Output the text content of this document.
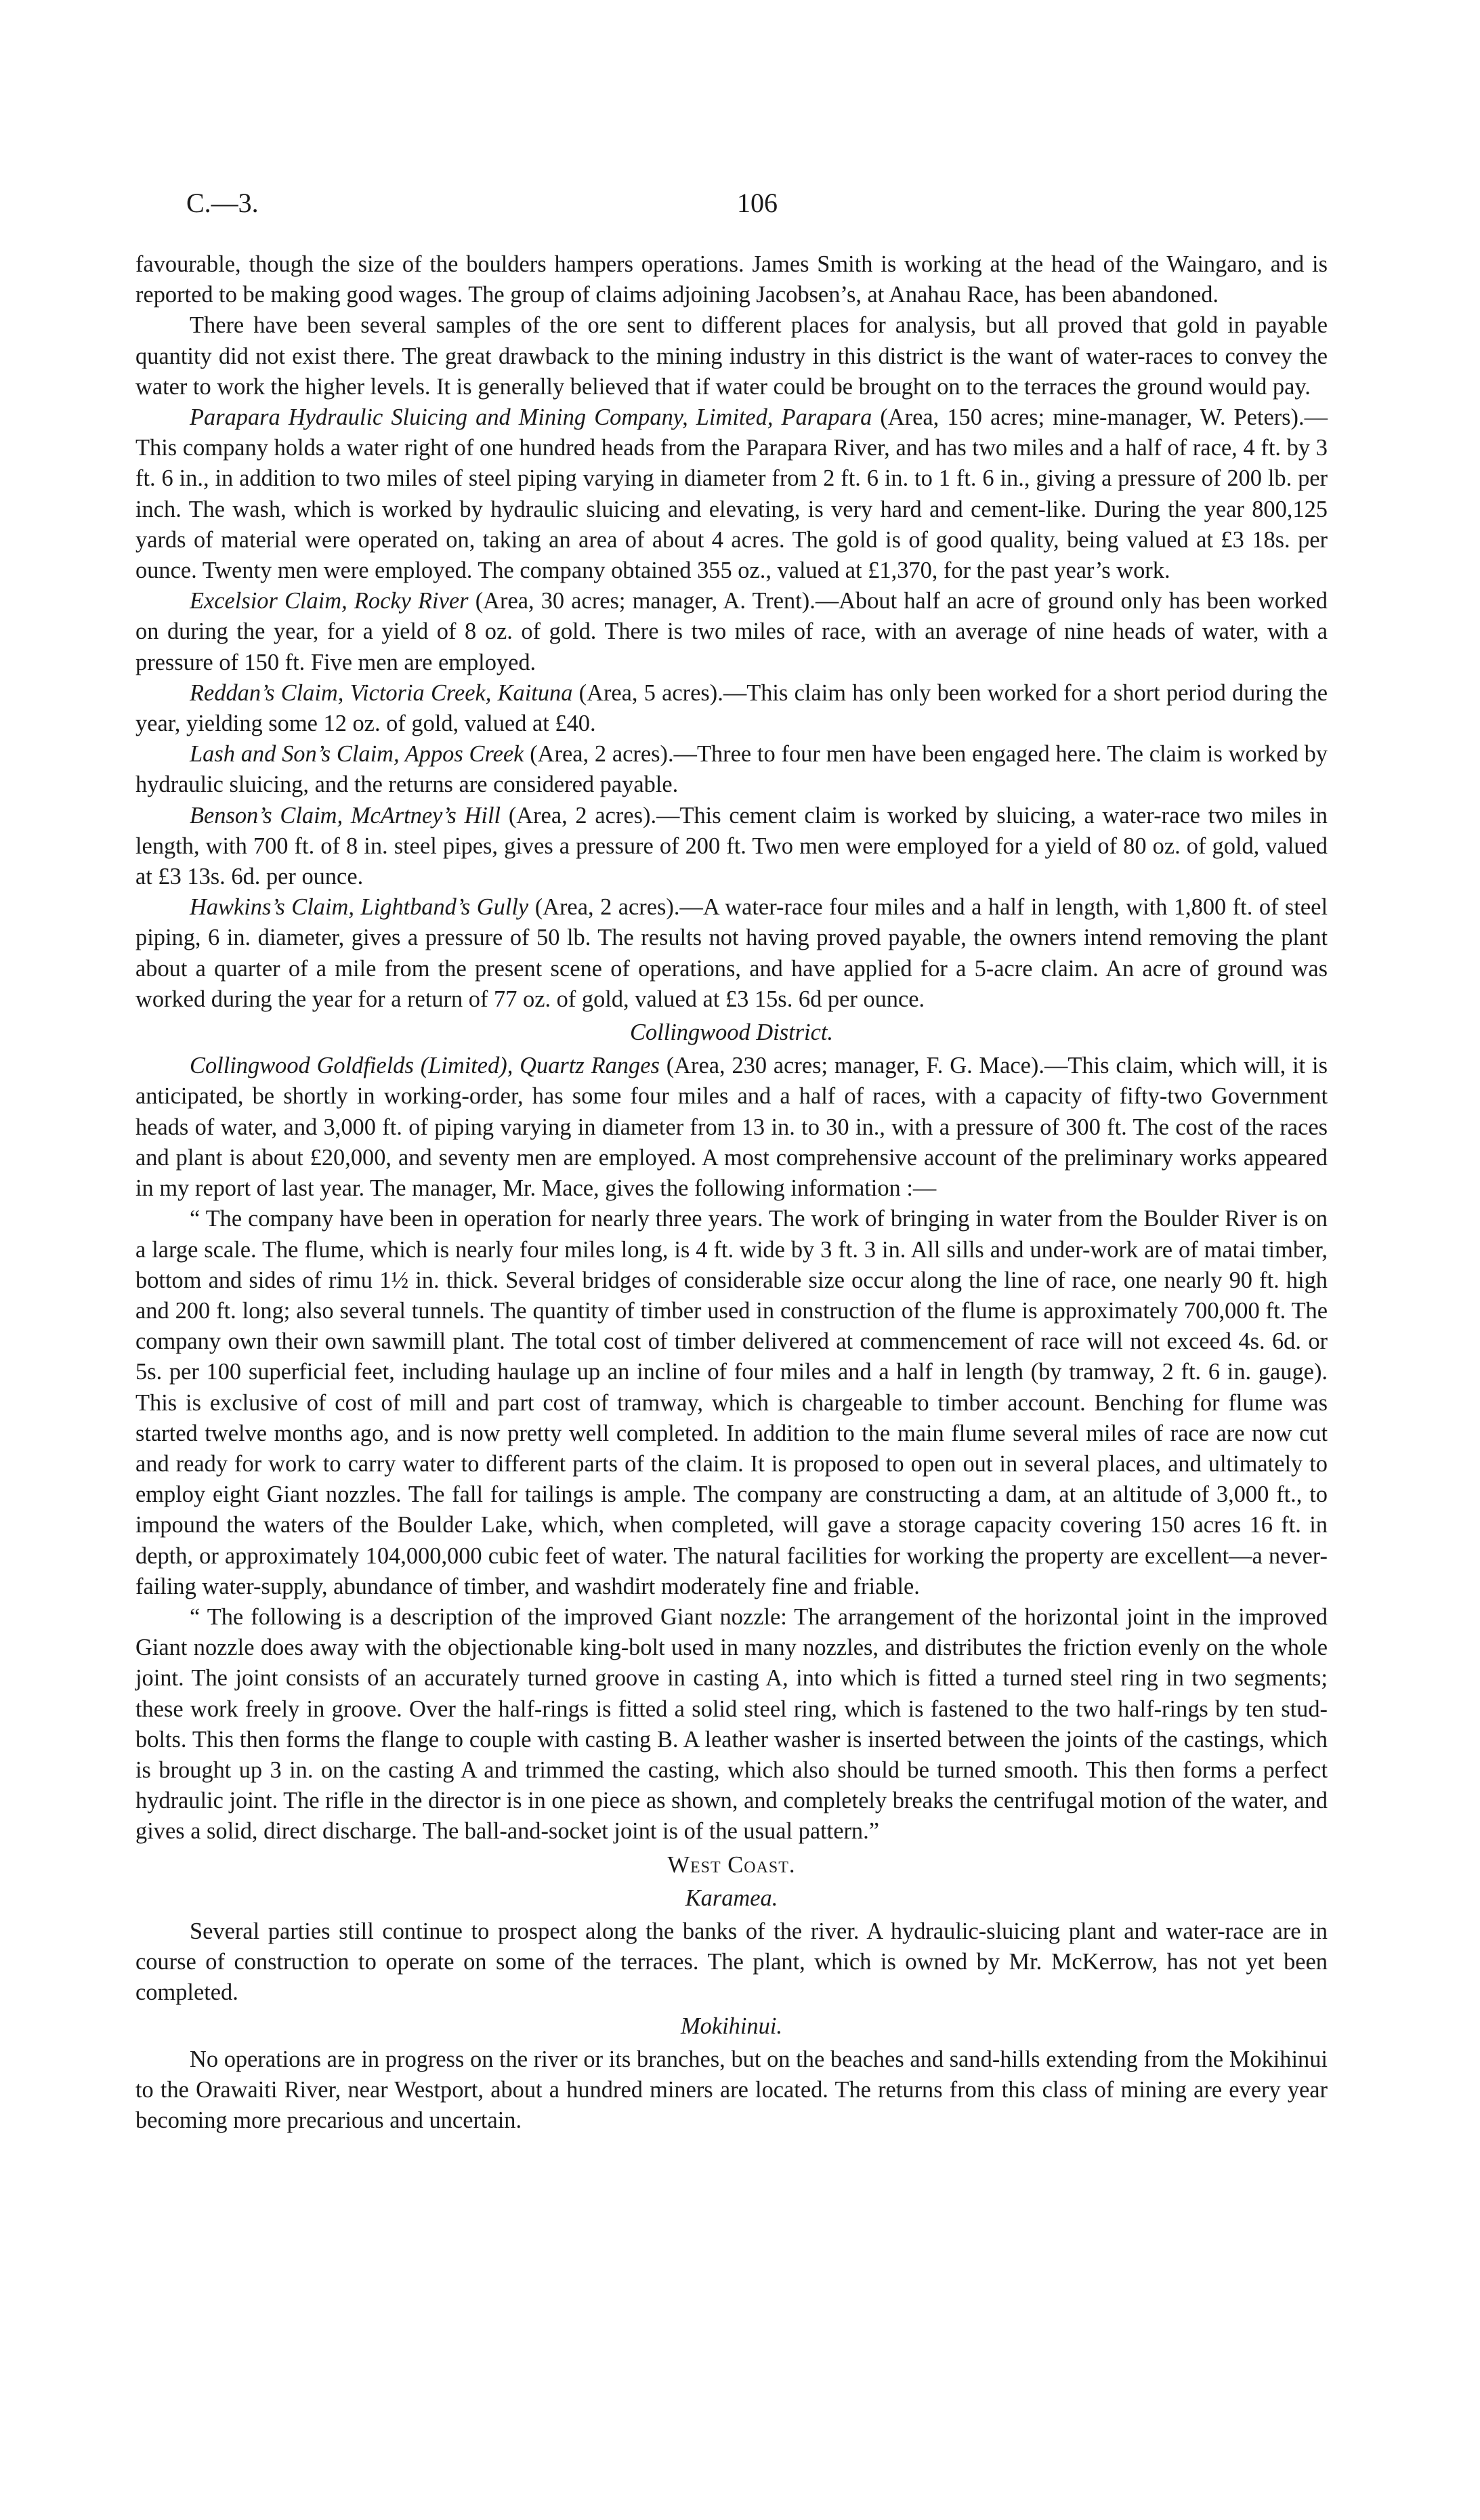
C.—3.	106

favourable, though the size of the boulders hampers operations. James Smith is working at the head of the Waingaro, and is reported to be making good wages. The group of claims adjoining Jacobsen’s, at Anahau Race, has been abandoned.

There have been several samples of the ore sent to different places for analysis, but all proved that gold in payable quantity did not exist there. The great drawback to the mining industry in this district is the want of water-races to convey the water to work the higher levels. It is generally believed that if water could be brought on to the terraces the ground would pay.

Parapara Hydraulic Sluicing and Mining Company, Limited, Parapara (Area, 150 acres; mine-manager, W. Peters).—This company holds a water right of one hundred heads from the Parapara River, and has two miles and a half of race, 4 ft. by 3 ft. 6 in., in addition to two miles of steel piping varying in diameter from 2 ft. 6 in. to 1 ft. 6 in., giving a pressure of 200 lb. per inch. The wash, which is worked by hydraulic sluicing and elevating, is very hard and cement-like. During the year 800,125 yards of material were operated on, taking an area of about 4 acres. The gold is of good quality, being valued at £3 18s. per ounce. Twenty men were employed. The company obtained 355 oz., valued at £1,370, for the past year’s work.

Excelsior Claim, Rocky River (Area, 30 acres; manager, A. Trent).—About half an acre of ground only has been worked on during the year, for a yield of 8 oz. of gold. There is two miles of race, with an average of nine heads of water, with a pressure of 150 ft. Five men are employed.

Reddan’s Claim, Victoria Creek, Kaituna (Area, 5 acres).—This claim has only been worked for a short period during the year, yielding some 12 oz. of gold, valued at £40.

Lash and Son’s Claim, Appos Creek (Area, 2 acres).—Three to four men have been engaged here. The claim is worked by hydraulic sluicing, and the returns are considered payable.

Benson’s Claim, McArtney’s Hill (Area, 2 acres).—This cement claim is worked by sluicing, a water-race two miles in length, with 700 ft. of 8 in. steel pipes, gives a pressure of 200 ft. Two men were employed for a yield of 80 oz. of gold, valued at £3 13s. 6d. per ounce.

Hawkins’s Claim, Lightband’s Gully (Area, 2 acres).—A water-race four miles and a half in length, with 1,800 ft. of steel piping, 6 in. diameter, gives a pressure of 50 lb. The results not having proved payable, the owners intend removing the plant about a quarter of a mile from the present scene of operations, and have applied for a 5-acre claim. An acre of ground was worked during the year for a return of 77 oz. of gold, valued at £3 15s. 6d per ounce.

Collingwood District.

Collingwood Goldfields (Limited), Quartz Ranges (Area, 230 acres; manager, F. G. Mace).—This claim, which will, it is anticipated, be shortly in working-order, has some four miles and a half of races, with a capacity of fifty-two Government heads of water, and 3,000 ft. of piping varying in diameter from 13 in. to 30 in., with a pressure of 300 ft. The cost of the races and plant is about £20,000, and seventy men are employed. A most comprehensive account of the preliminary works appeared in my report of last year. The manager, Mr. Mace, gives the following information :—

“ The company have been in operation for nearly three years. The work of bringing in water from the Boulder River is on a large scale. The flume, which is nearly four miles long, is 4 ft. wide by 3 ft. 3 in. All sills and under-work are of matai timber, bottom and sides of rimu 1½ in. thick. Several bridges of considerable size occur along the line of race, one nearly 90 ft. high and 200 ft. long; also several tunnels. The quantity of timber used in construction of the flume is approximately 700,000 ft. The company own their own sawmill plant. The total cost of timber delivered at commencement of race will not exceed 4s. 6d. or 5s. per 100 superficial feet, including haulage up an incline of four miles and a half in length (by tramway, 2 ft. 6 in. gauge). This is exclusive of cost of mill and part cost of tramway, which is chargeable to timber account. Benching for flume was started twelve months ago, and is now pretty well completed. In addition to the main flume several miles of race are now cut and ready for work to carry water to different parts of the claim. It is proposed to open out in several places, and ultimately to employ eight Giant nozzles. The fall for tailings is ample. The company are constructing a dam, at an altitude of 3,000 ft., to impound the waters of the Boulder Lake, which, when completed, will gave a storage capacity covering 150 acres 16 ft. in depth, or approximately 104,000,000 cubic feet of water. The natural facilities for working the property are excellent—a never-failing water-supply, abundance of timber, and washdirt moderately fine and friable.

“ The following is a description of the improved Giant nozzle: The arrangement of the horizontal joint in the improved Giant nozzle does away with the objectionable king-bolt used in many nozzles, and distributes the friction evenly on the whole joint. The joint consists of an accurately turned groove in casting A, into which is fitted a turned steel ring in two segments; these work freely in groove. Over the half-rings is fitted a solid steel ring, which is fastened to the two half-rings by ten stud-bolts. This then forms the flange to couple with casting B. A leather washer is inserted between the joints of the castings, which is brought up 3 in. on the casting A and trimmed the casting, which also should be turned smooth. This then forms a perfect hydraulic joint. The rifle in the director is in one piece as shown, and completely breaks the centrifugal motion of the water, and gives a solid, direct discharge. The ball-and-socket joint is of the usual pattern.”

West Coast.

Karamea.

Several parties still continue to prospect along the banks of the river. A hydraulic-sluicing plant and water-race are in course of construction to operate on some of the terraces. The plant, which is owned by Mr. McKerrow, has not yet been completed.

Mokihinui.

No operations are in progress on the river or its branches, but on the beaches and sand-hills extending from the Mokihinui to the Orawaiti River, near Westport, about a hundred miners are located. The returns from this class of mining are every year becoming more precarious and uncertain.
